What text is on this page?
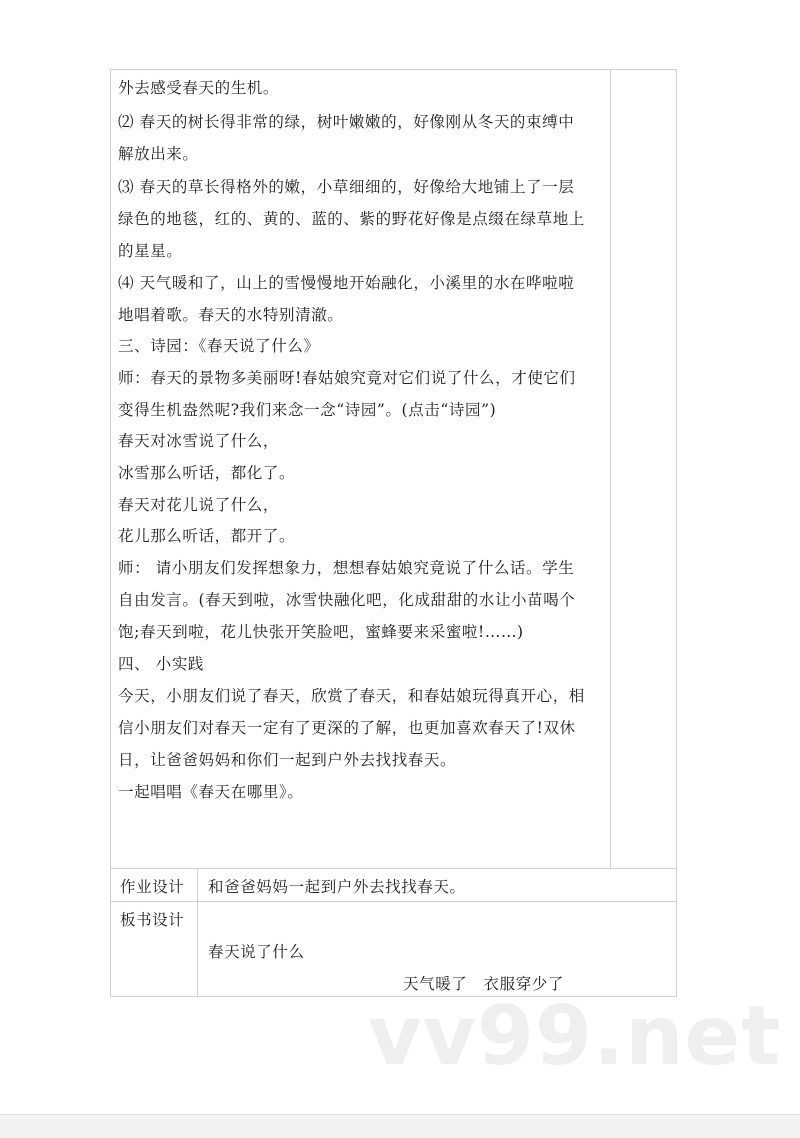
外去感受春天的生机。
⑵ 春天的树长得非常的绿，树叶嫩嫩的，好像刚从冬天的束缚中
解放出来。
⑶ 春天的草长得格外的嫩，小草细细的，好像给大地铺上了一层
绿色的地毯，红的、黄的、蓝的、紫的野花好像是点缀在绿草地上
的星星。
⑷ 天气暖和了，山上的雪慢慢地开始融化，小溪里的水在哗啦啦
地唱着歌。春天的水特别清澈。
三、诗园：《春天说了什么》
师：春天的景物多美丽呀!春姑娘究竟对它们说了什么，才使它们
变得生机盎然呢?我们来念一念“诗园”。(点击“诗园”)
春天对冰雪说了什么，
冰雪那么听话，都化了。
春天对花儿说了什么，
花儿那么听话，都开了。
师： 请小朋友们发挥想象力，想想春姑娘究竟说了什么话。学生
自由发言。(春天到啦，冰雪快融化吧，化成甜甜的水让小苗喝个
饱;春天到啦，花儿快张开笑脸吧，蜜蜂要来采蜜啦!……)
四、 小实践
今天，小朋友们说了春天，欣赏了春天，和春姑娘玩得真开心，相
信小朋友们对春天一定有了更深的了解，也更加喜欢春天了!双休
日，让爸爸妈妈和你们一起到户外去找找春天。
一起唱唱《春天在哪里》。
作业设计 和爸爸妈妈一起到户外去找找春天。
板书设计
春天说了什么
天气暖了　衣服穿少了
vv99.net
